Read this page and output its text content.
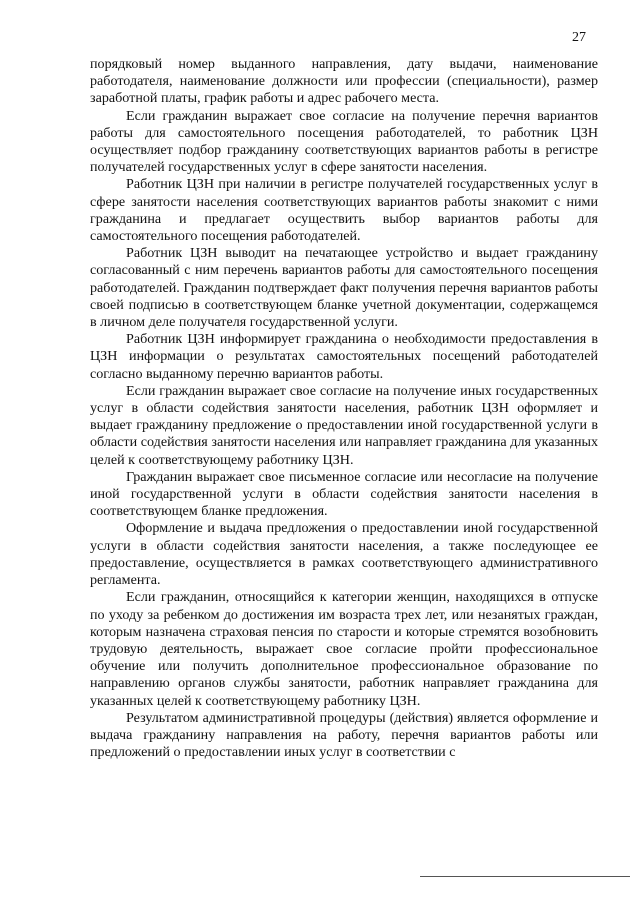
27

порядковый номер выданного направления, дату выдачи, наименование работодателя, наименование должности или профессии (специальности), размер заработной платы, график работы и адрес рабочего места.

Если гражданин выражает свое согласие на получение перечня вариантов работы для самостоятельного посещения работодателей, то работник ЦЗН осуществляет подбор гражданину соответствующих вариантов работы в регистре получателей государственных услуг в сфере занятости населения.

Работник ЦЗН при наличии в регистре получателей государственных услуг в сфере занятости населения соответствующих вариантов работы знакомит с ними гражданина и предлагает осуществить выбор вариантов работы для самостоятельного посещения работодателей.

Работник ЦЗН выводит на печатающее устройство и выдает гражданину согласованный с ним перечень вариантов работы для самостоятельного посещения работодателей. Гражданин подтверждает факт получения перечня вариантов работы своей подписью в соответствующем бланке учетной документации, содержащемся в личном деле получателя государственной услуги.

Работник ЦЗН информирует гражданина о необходимости предоставления в ЦЗН информации о результатах самостоятельных посещений работодателей согласно выданному перечню вариантов работы.

Если гражданин выражает свое согласие на получение иных государственных услуг в области содействия занятости населения, работник ЦЗН оформляет и выдает гражданину предложение о предоставлении иной государственной услуги в области содействия занятости населения или направляет гражданина для указанных целей к соответствующему работнику ЦЗН.

Гражданин выражает свое письменное согласие или несогласие на получение иной государственной услуги в области содействия занятости населения в соответствующем бланке предложения.

Оформление и выдача предложения о предоставлении иной государственной услуги в области содействия занятости населения, а также последующее ее предоставление, осуществляется в рамках соответствующего административного регламента.

Если гражданин, относящийся к категории женщин, находящихся в отпуске по уходу за ребенком до достижения им возраста трех лет, или незанятых граждан, которым назначена страховая пенсия по старости и которые стремятся возобновить трудовую деятельность, выражает свое согласие пройти профессиональное обучение или получить дополнительное профессиональное образование по направлению органов службы занятости, работник направляет гражданина для указанных целей к соответствующему работнику ЦЗН.

Результатом административной процедуры (действия) является оформление и выдача гражданину направления на работу, перечня вариантов работы или предложений о предоставлении иных услуг в соответствии с
